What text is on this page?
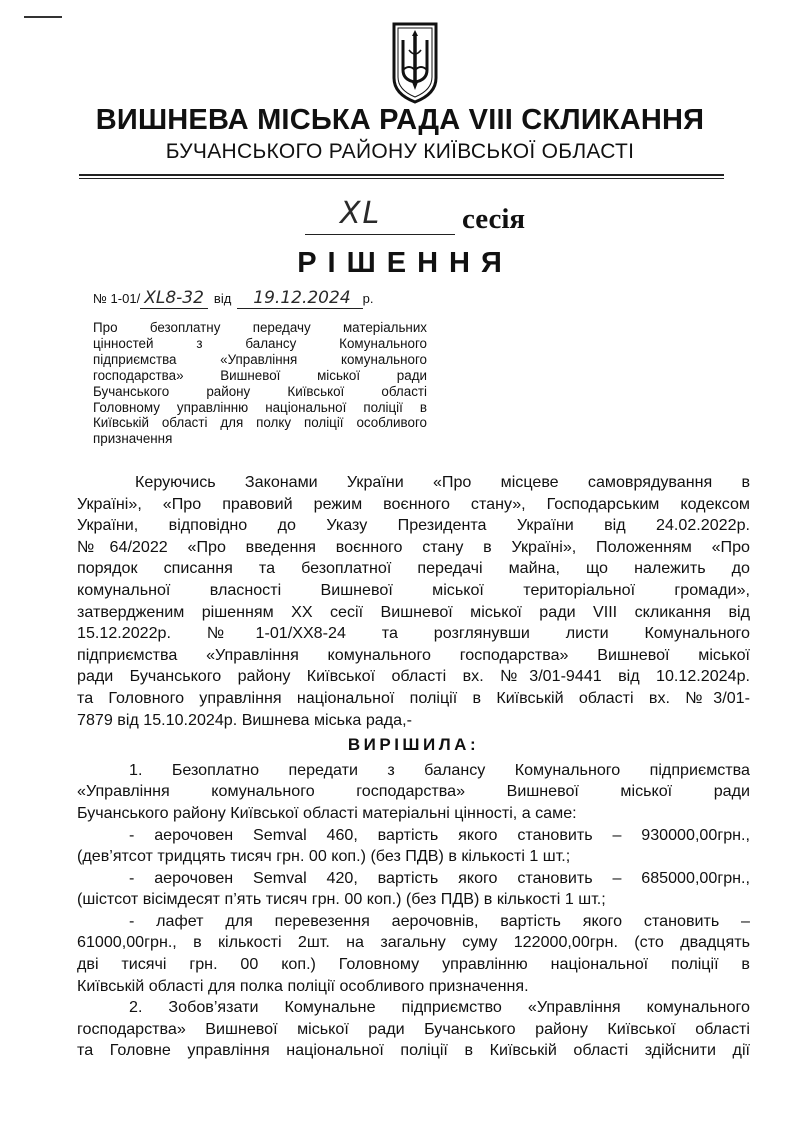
ВИШНЕВА МІСЬКА РАДА VIII СКЛИКАННЯ
БУЧАНСЬКОГО РАЙОНУ КИЇВСЬКОЇ ОБЛАСТІ
XL	сесія
РІШЕННЯ
№ 1-01/ XL8-32 від 19.12.2024 р.
Про безоплатну передачу матеріальних
цінностей з балансу Комунального
підприємства «Управління комунального
господарства» Вишневої міської ради
Бучанського району Київської області
Головному управлінню національної поліції в
Київській області для полку поліції особливого
призначення
Керуючись Законами України «Про місцеве самоврядування в
Україні», «Про правовий режим воєнного стану», Господарським кодексом
України, відповідно до Указу Президента України від 24.02.2022р.
№64/2022 «Про введення воєнного стану в Україні», Положенням «Про
порядок списання та безоплатної передачі майна, що належить до
комунальної власності Вишневої міської територіальної громади»,
затвердженим рішенням ХХ сесії Вишневої міської ради VIII скликання від
15.12.2022р. №1-01/ХХ8-24 та розглянувши листи Комунального
підприємства «Управління комунального господарства» Вишневої міської
ради Бучанського району Київської області вх. №3/01-9441 від 10.12.2024р.
та Головного управління національної поліції в Київській області вх. №3/01-
7879 від 15.10.2024р. Вишнева міська рада,-
ВИРІШИЛА:
1. Безоплатно передати з балансу Комунального підприємства
«Управління комунального господарства» Вишневої міської ради
Бучанського району Київської області матеріальні цінності, а саме:
- аерочовен Semval 460, вартість якого становить – 930000,00грн.,
(дев’ятсот тридцять тисяч грн. 00 коп.) (без ПДВ) в кількості 1 шт.;
- аерочовен Semval 420, вартість якого становить – 685000,00грн.,
(шістсот вісімдесят п’ять тисяч грн. 00 коп.) (без ПДВ) в кількості 1 шт.;
- лафет для перевезення аерочовнів, вартість якого становить –
61000,00грн., в кількості 2шт. на загальну суму 122000,00грн. (сто двадцять
дві тисячі грн. 00 коп.) Головному управлінню національної поліції в
Київській області для полка поліції особливого призначення.
2. Зобов’язати Комунальне підприємство «Управління комунального
господарства» Вишневої міської ради Бучанського району Київської області
та Головне управління національної поліції в Київській області здійснити дії
